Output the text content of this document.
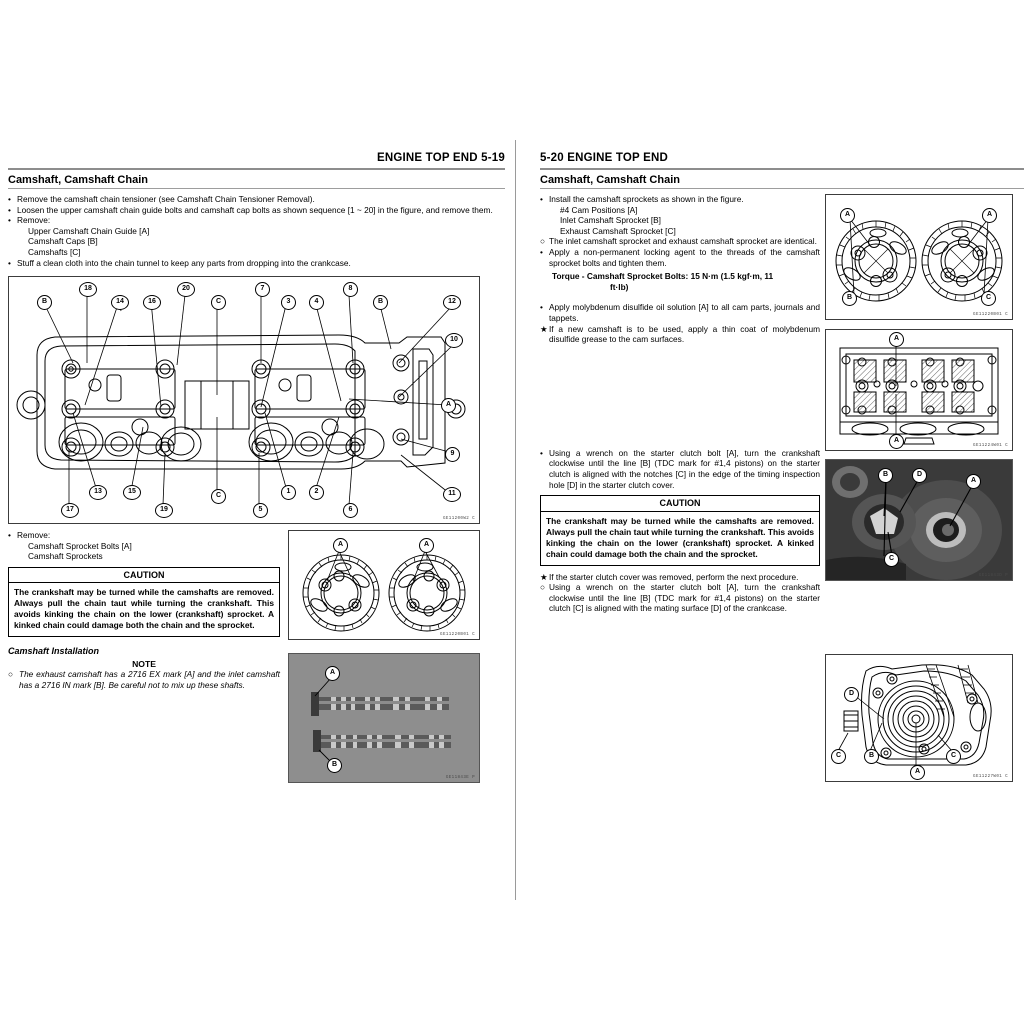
ENGINE TOP END 5-19
Camshaft, Camshaft Chain
• Remove the camshaft chain tensioner (see Camshaft Chain Tensioner Removal).
• Loosen the upper camshaft chain guide bolts and camshaft cap bolts as shown sequence [1 ~ 20] in the figure, and remove them.
• Remove:
Upper Camshaft Chain Guide [A]
Camshaft Caps [B]
Camshafts [C]
• Stuff a clean cloth into the chain tunnel to keep any parts from dropping into the crankcase.
B
18
14	16
20
C
7
3	4
8
B	12
10
A
17
13	15
19
C
5
1	2
6
11
9
GE11200W2 C
• Remove:
Camshaft Sprocket Bolts [A]
Camshaft Sprockets
CAUTION
The crankshaft may be turned while the camshafts are removed. Always pull the chain taut while turning the crankshaft. This avoids kinking the chain on the lower (crankshaft) sprocket. A kinked chain could damage both the chain and the sprocket.
Camshaft Installation
NOTE
○ The exhaust camshaft has a 2716 EX mark [A] and the inlet camshaft has a 2716 IN mark [B]. Be careful not to mix up these shafts.
A	A
GE11220B01 C
A
B
GE11843E P
5-20 ENGINE TOP END
Camshaft, Camshaft Chain
• Install the camshaft sprockets as shown in the figure.
#4 Cam Positions [A]
Inlet Camshaft Sprocket [B]
Exhaust Camshaft Sprocket [C]
○ The inlet camshaft sprocket and exhaust camshaft sprocket are identical.
• Apply a non-permanent locking agent to the threads of the camshaft sprocket bolts and tighten them.
Torque - Camshaft Sprocket Bolts: 15 N·m (1.5 kgf·m, 11
ft·lb)
• Apply molybdenum disulfide oil solution [A] to all cam parts, journals and tappets.
★ If a new camshaft is to be used, apply a thin coat of molybdenum disulfide grease to the cam surfaces.
• Using a wrench on the starter clutch bolt [A], turn the crankshaft clockwise until the line [B] (TDC mark for #1,4 pistons) on the starter clutch is aligned with the notches [C] in the edge of the timing inspection hole [D] in the starter clutch cover.
CAUTION
The crankshaft may be turned while the camshafts are removed. Always pull the chain taut while turning the crankshaft. This avoids kinking the chain on the lower (crankshaft) sprocket. A kinked chain could damage both the chain and the sprocket.
★ If the starter clutch cover was removed, perform the next procedure.
○ Using a wrench on the starter clutch bolt [A], turn the crankshaft clockwise until the line [B] (TDC mark for #1,4 pistons) on the starter clutch [C] is aligned with the mating surface [D] of the crankcase.
A	A
B	C
GE11220B01 C
A
A
GE11224W01 C
B	D
A
C
GE11843D P
D
C	B
A
C
GE11227W01 C
